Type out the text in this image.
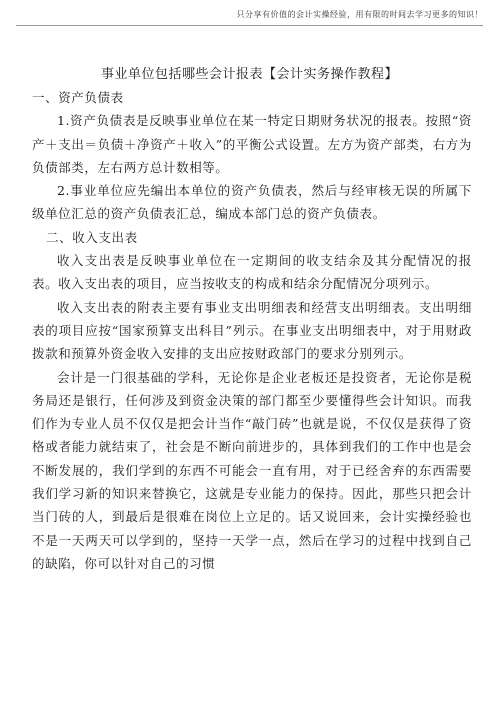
只分享有价值的会计实操经验，用有限的时间去学习更多的知识！
事业单位包括哪些会计报表【会计实务操作教程】

一、资产负债表

1.资产负债表是反映事业单位在某一特定日期财务状况的报表。按照“资产＋支出＝负债＋净资产＋收入”的平衡公式设置。左方为资产部类，右方为负债部类，左右两方总计数相等。

2.事业单位应先编出本单位的资产负债表，然后与经审核无误的所属下级单位汇总的资产负债表汇总，编成本部门总的资产负债表。

二、收入支出表

收入支出表是反映事业单位在一定期间的收支结余及其分配情况的报表。收入支出表的项目，应当按收支的构成和结余分配情况分项列示。

收入支出表的附表主要有事业支出明细表和经营支出明细表。支出明细表的项目应按“国家预算支出科目”列示。在事业支出明细表中，对于用财政拨款和预算外资金收入安排的支出应按财政部门的要求分别列示。

会计是一门很基础的学科，无论你是企业老板还是投资者，无论你是税务局还是银行，任何涉及到资金决策的部门都至少要懂得些会计知识。而我们作为专业人员不仅仅是把会计当作“敲门砖”也就是说，不仅仅是获得了资格或者能力就结束了，社会是不断向前进步的，具体到我们的工作中也是会不断发展的，我们学到的东西不可能会一直有用，对于已经舍弃的东西需要我们学习新的知识来替换它，这就是专业能力的保持。因此，那些只把会计当门砖的人，到最后是很难在岗位上立足的。话又说回来，会计实操经验也不是一天两天可以学到的，坚持一天学一点，然后在学习的过程中找到自己的缺陷，你可以针对自己的习惯
